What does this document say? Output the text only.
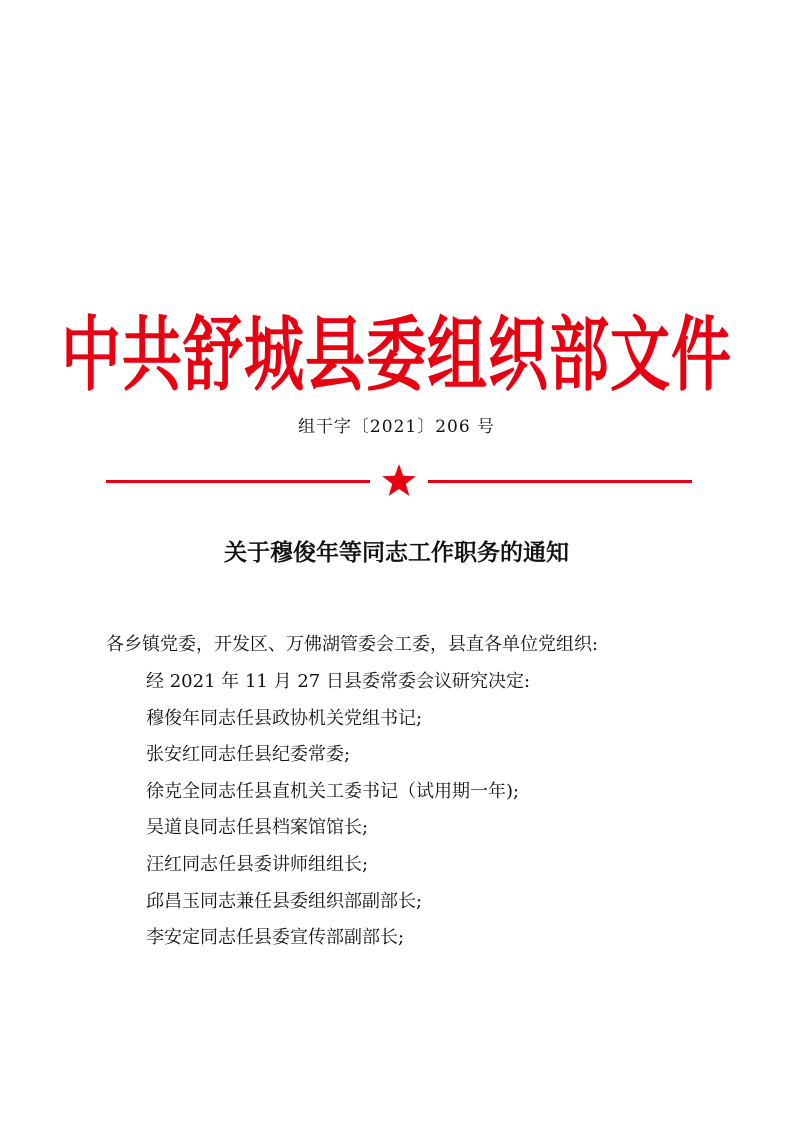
中共舒城县委组织部文件
组干字〔2021〕206 号
关于穆俊年等同志工作职务的通知
各乡镇党委，开发区、万佛湖管委会工委，县直各单位党组织:
经 2021 年 11 月 27 日县委常委会议研究决定:
穆俊年同志任县政协机关党组书记;
张安红同志任县纪委常委;
徐克全同志任县直机关工委书记（试用期一年);
吴道良同志任县档案馆馆长;
汪红同志任县委讲师组组长;
邱昌玉同志兼任县委组织部副部长;
李安定同志任县委宣传部副部长;
